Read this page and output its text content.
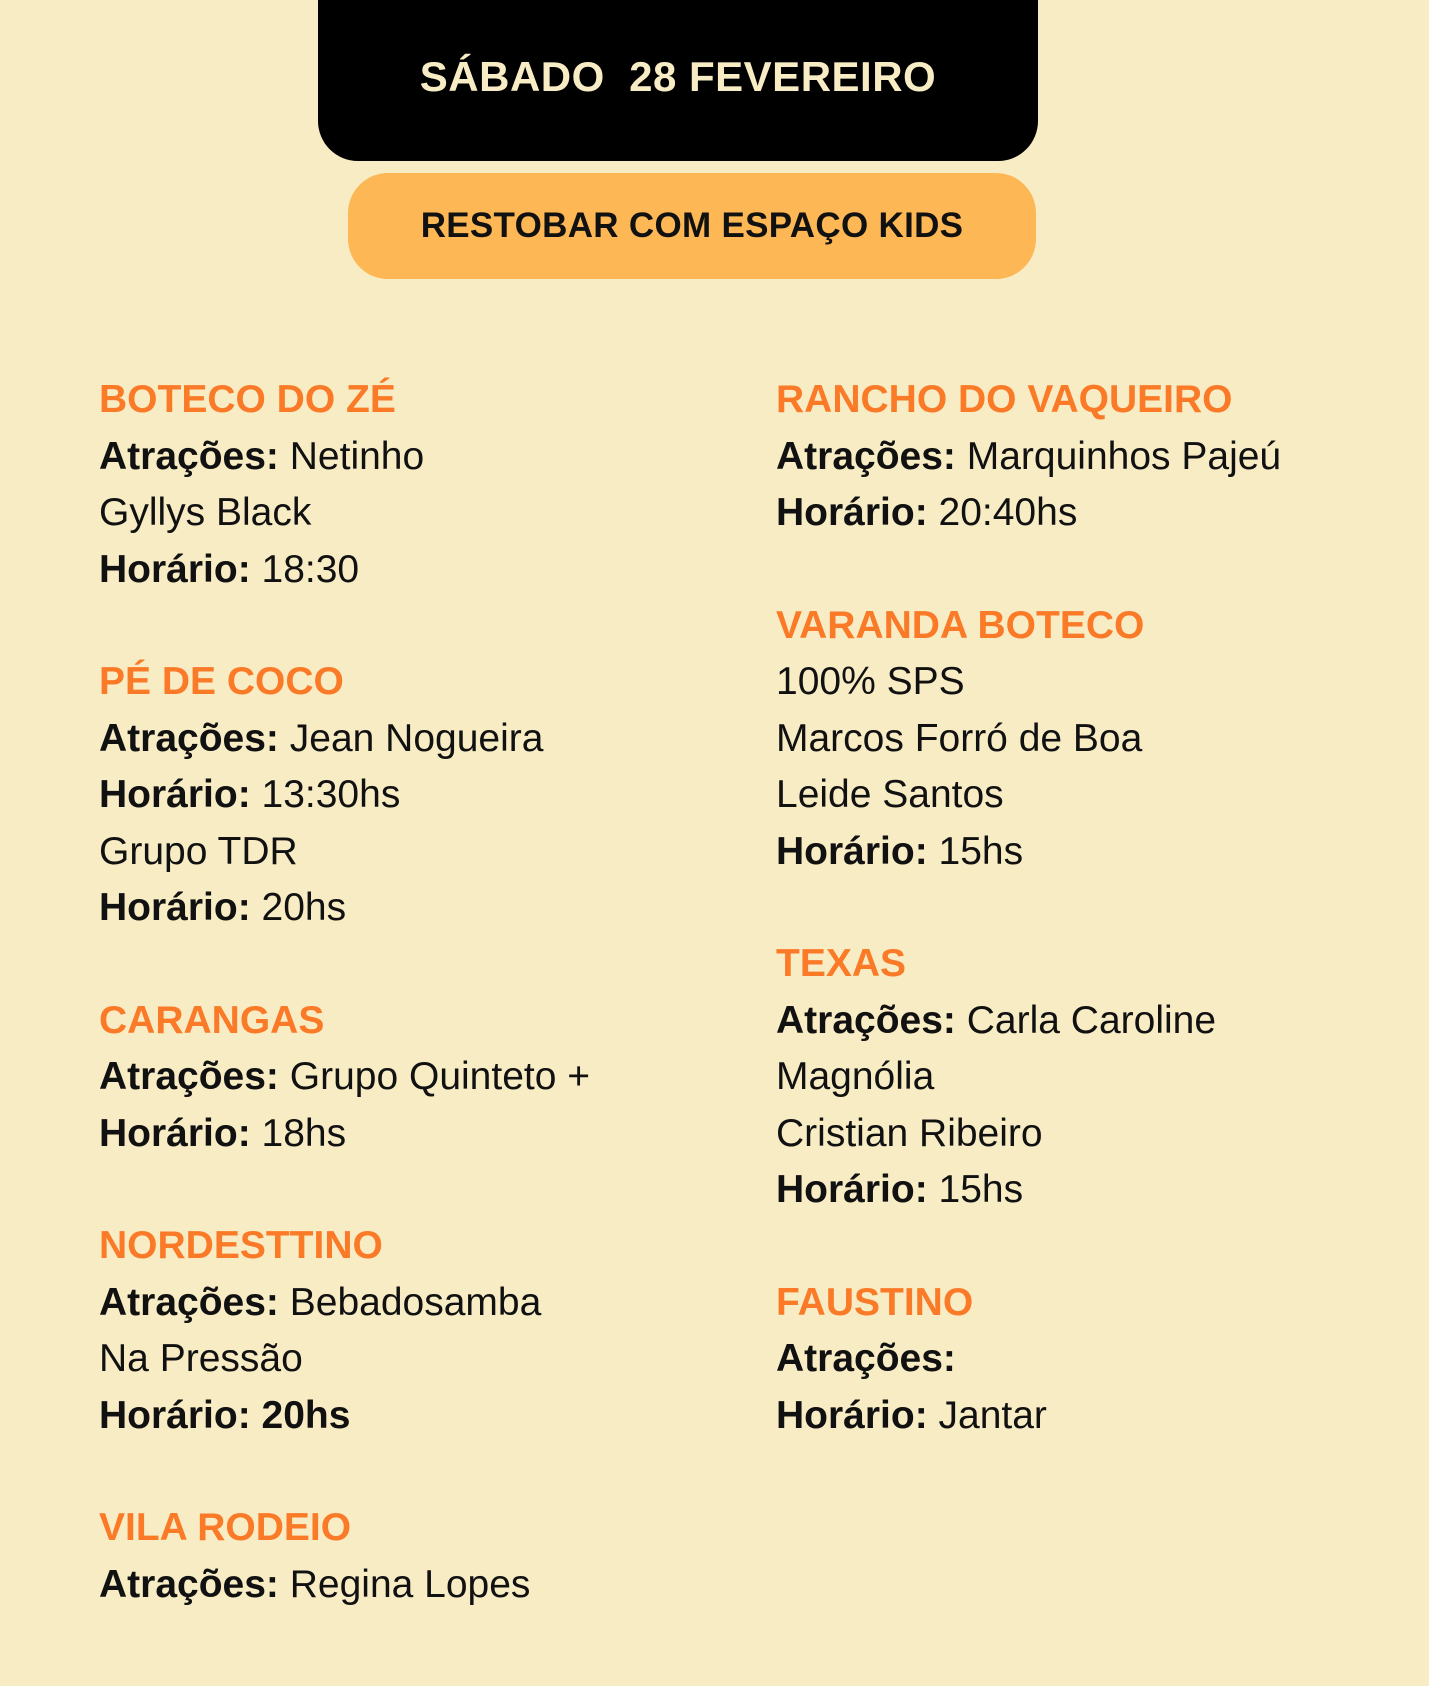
SÁBADO  28 FEVEREIRO
RESTOBAR COM ESPAÇO KIDS
BOTECO DO ZÉ
Atrações: Netinho
Gyllys Black
Horário: 18:30
PÉ DE COCO
Atrações: Jean Nogueira
Horário: 13:30hs
Grupo TDR
Horário: 20hs
CARANGAS
Atrações: Grupo Quinteto +
Horário: 18hs
NORDESTTINO
Atrações: Bebadosamba
Na Pressão
Horário: 20hs
VILA RODEIO
Atrações: Regina Lopes
RANCHO DO VAQUEIRO
Atrações: Marquinhos Pajeú
Horário: 20:40hs
VARANDA BOTECO
100% SPS
Marcos Forró de Boa
Leide Santos
Horário: 15hs
TEXAS
Atrações: Carla Caroline
Magnólia
Cristian Ribeiro
Horário: 15hs
FAUSTINO
Atrações:
Horário: Jantar
